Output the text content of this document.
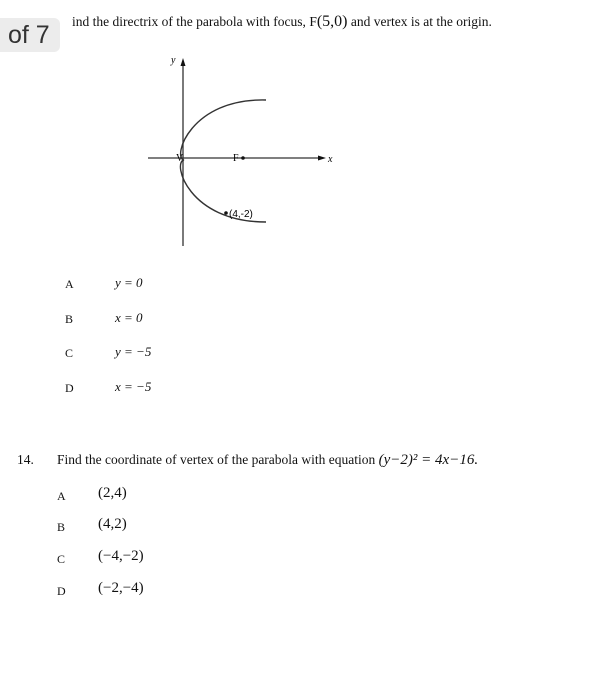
of 7	ind the directrix of the parabola with focus, F(5,0) and vertex is at the origin.
y
x
V	F
(4,-2)
A	y = 0
B	x = 0
C	y = −5
D	x = −5
14. Find the coordinate of vertex of the parabola with equation (y−2)² = 4x−16.
A (2,4)
B (4,2)
C (−4,−2)
D (−2,−4)
